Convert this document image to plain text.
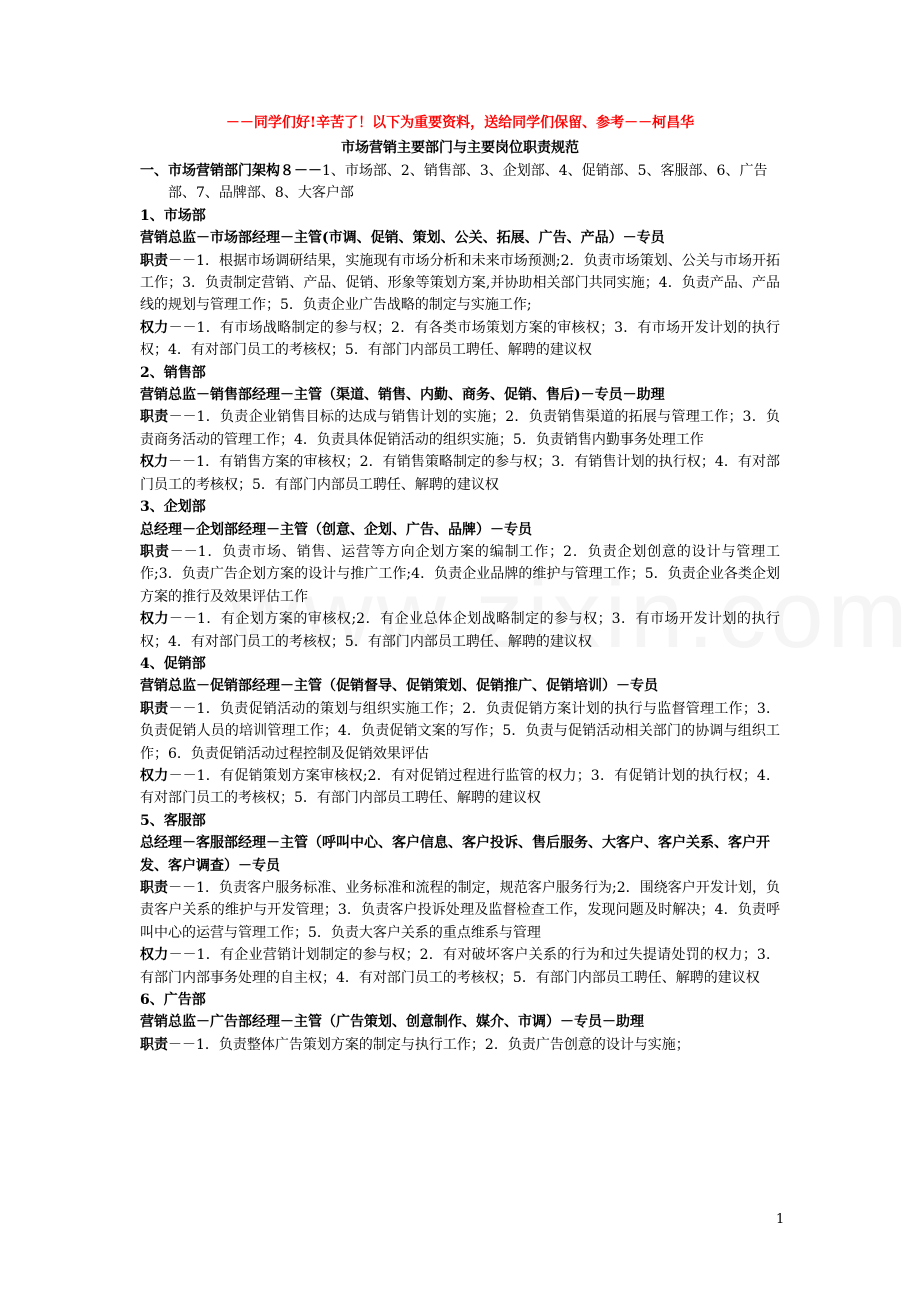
－－同学们好!辛苦了！以下为重要资料，送给同学们保留、参考－－柯昌华
市场营销主要部门与主要岗位职责规范
一、市场营销部门架构８－－1、市场部、2、销售部、3、企划部、4、促销部、5、客服部、6、广告部、7、品牌部、8、大客户部
1、市场部
营销总监－市场部经理－主管(市调、促销、策划、公关、拓展、广告、产品）－专员
职责－－1．根据市场调研结果，实施现有市场分析和未来市场预测;2．负责市场策划、公关与市场开拓工作；3．负责制定营销、产品、促销、形象等策划方案,并协助相关部门共同实施；4．负责产品、产品线的规划与管理工作；5．负责企业广告战略的制定与实施工作;
权力－－1．有市场战略制定的参与权；2．有各类市场策划方案的审核权；3．有市场开发计划的执行权；4．有对部门员工的考核权；5．有部门内部员工聘任、解聘的建议权
2、销售部
营销总监－销售部经理－主管（渠道、销售、内勤、商务、促销、售后)－专员－助理
职责－－1．负责企业销售目标的达成与销售计划的实施；2．负责销售渠道的拓展与管理工作；3．负责商务活动的管理工作；4．负责具体促销活动的组织实施；5．负责销售内勤事务处理工作
权力－－1．有销售方案的审核权；2．有销售策略制定的参与权；3．有销售计划的执行权；4．有对部门员工的考核权；5．有部门内部员工聘任、解聘的建议权
3、企划部
总经理－企划部经理－主管（创意、企划、广告、品牌）－专员
职责－－1．负责市场、销售、运营等方向企划方案的编制工作；2．负责企划创意的设计与管理工作;3．负责广告企划方案的设计与推广工作;4．负责企业品牌的维护与管理工作；5．负责企业各类企划方案的推行及效果评估工作
权力－－1．有企划方案的审核权;2．有企业总体企划战略制定的参与权；3．有市场开发计划的执行权；4．有对部门员工的考核权；5．有部门内部员工聘任、解聘的建议权
4、促销部
营销总监－促销部经理－主管（促销督导、促销策划、促销推广、促销培训）－专员
职责－－1．负责促销活动的策划与组织实施工作；2．负责促销方案计划的执行与监督管理工作；3．负责促销人员的培训管理工作；4．负责促销文案的写作；5．负责与促销活动相关部门的协调与组织工作；6．负责促销活动过程控制及促销效果评估
权力－－1．有促销策划方案审核权;2．有对促销过程进行监管的权力；3．有促销计划的执行权；4．有对部门员工的考核权；5．有部门内部员工聘任、解聘的建议权
5、客服部
总经理－客服部经理－主管（呼叫中心、客户信息、客户投诉、售后服务、大客户、客户关系、客户开发、客户调查）－专员
职责－－1．负责客户服务标准、业务标准和流程的制定，规范客户服务行为;2．围绕客户开发计划，负责客户关系的维护与开发管理；3．负责客户投诉处理及监督检查工作，发现问题及时解决；4．负责呼叫中心的运营与管理工作；5．负责大客户关系的重点维系与管理
权力－－1．有企业营销计划制定的参与权；2．有对破坏客户关系的行为和过失提请处罚的权力；3．有部门内部事务处理的自主权；4．有对部门员工的考核权；5．有部门内部员工聘任、解聘的建议权
6、广告部
营销总监－广告部经理－主管（广告策划、创意制作、媒介、市调）－专员－助理
职责－－1．负责整体广告策划方案的制定与执行工作；2．负责广告创意的设计与实施；
1
